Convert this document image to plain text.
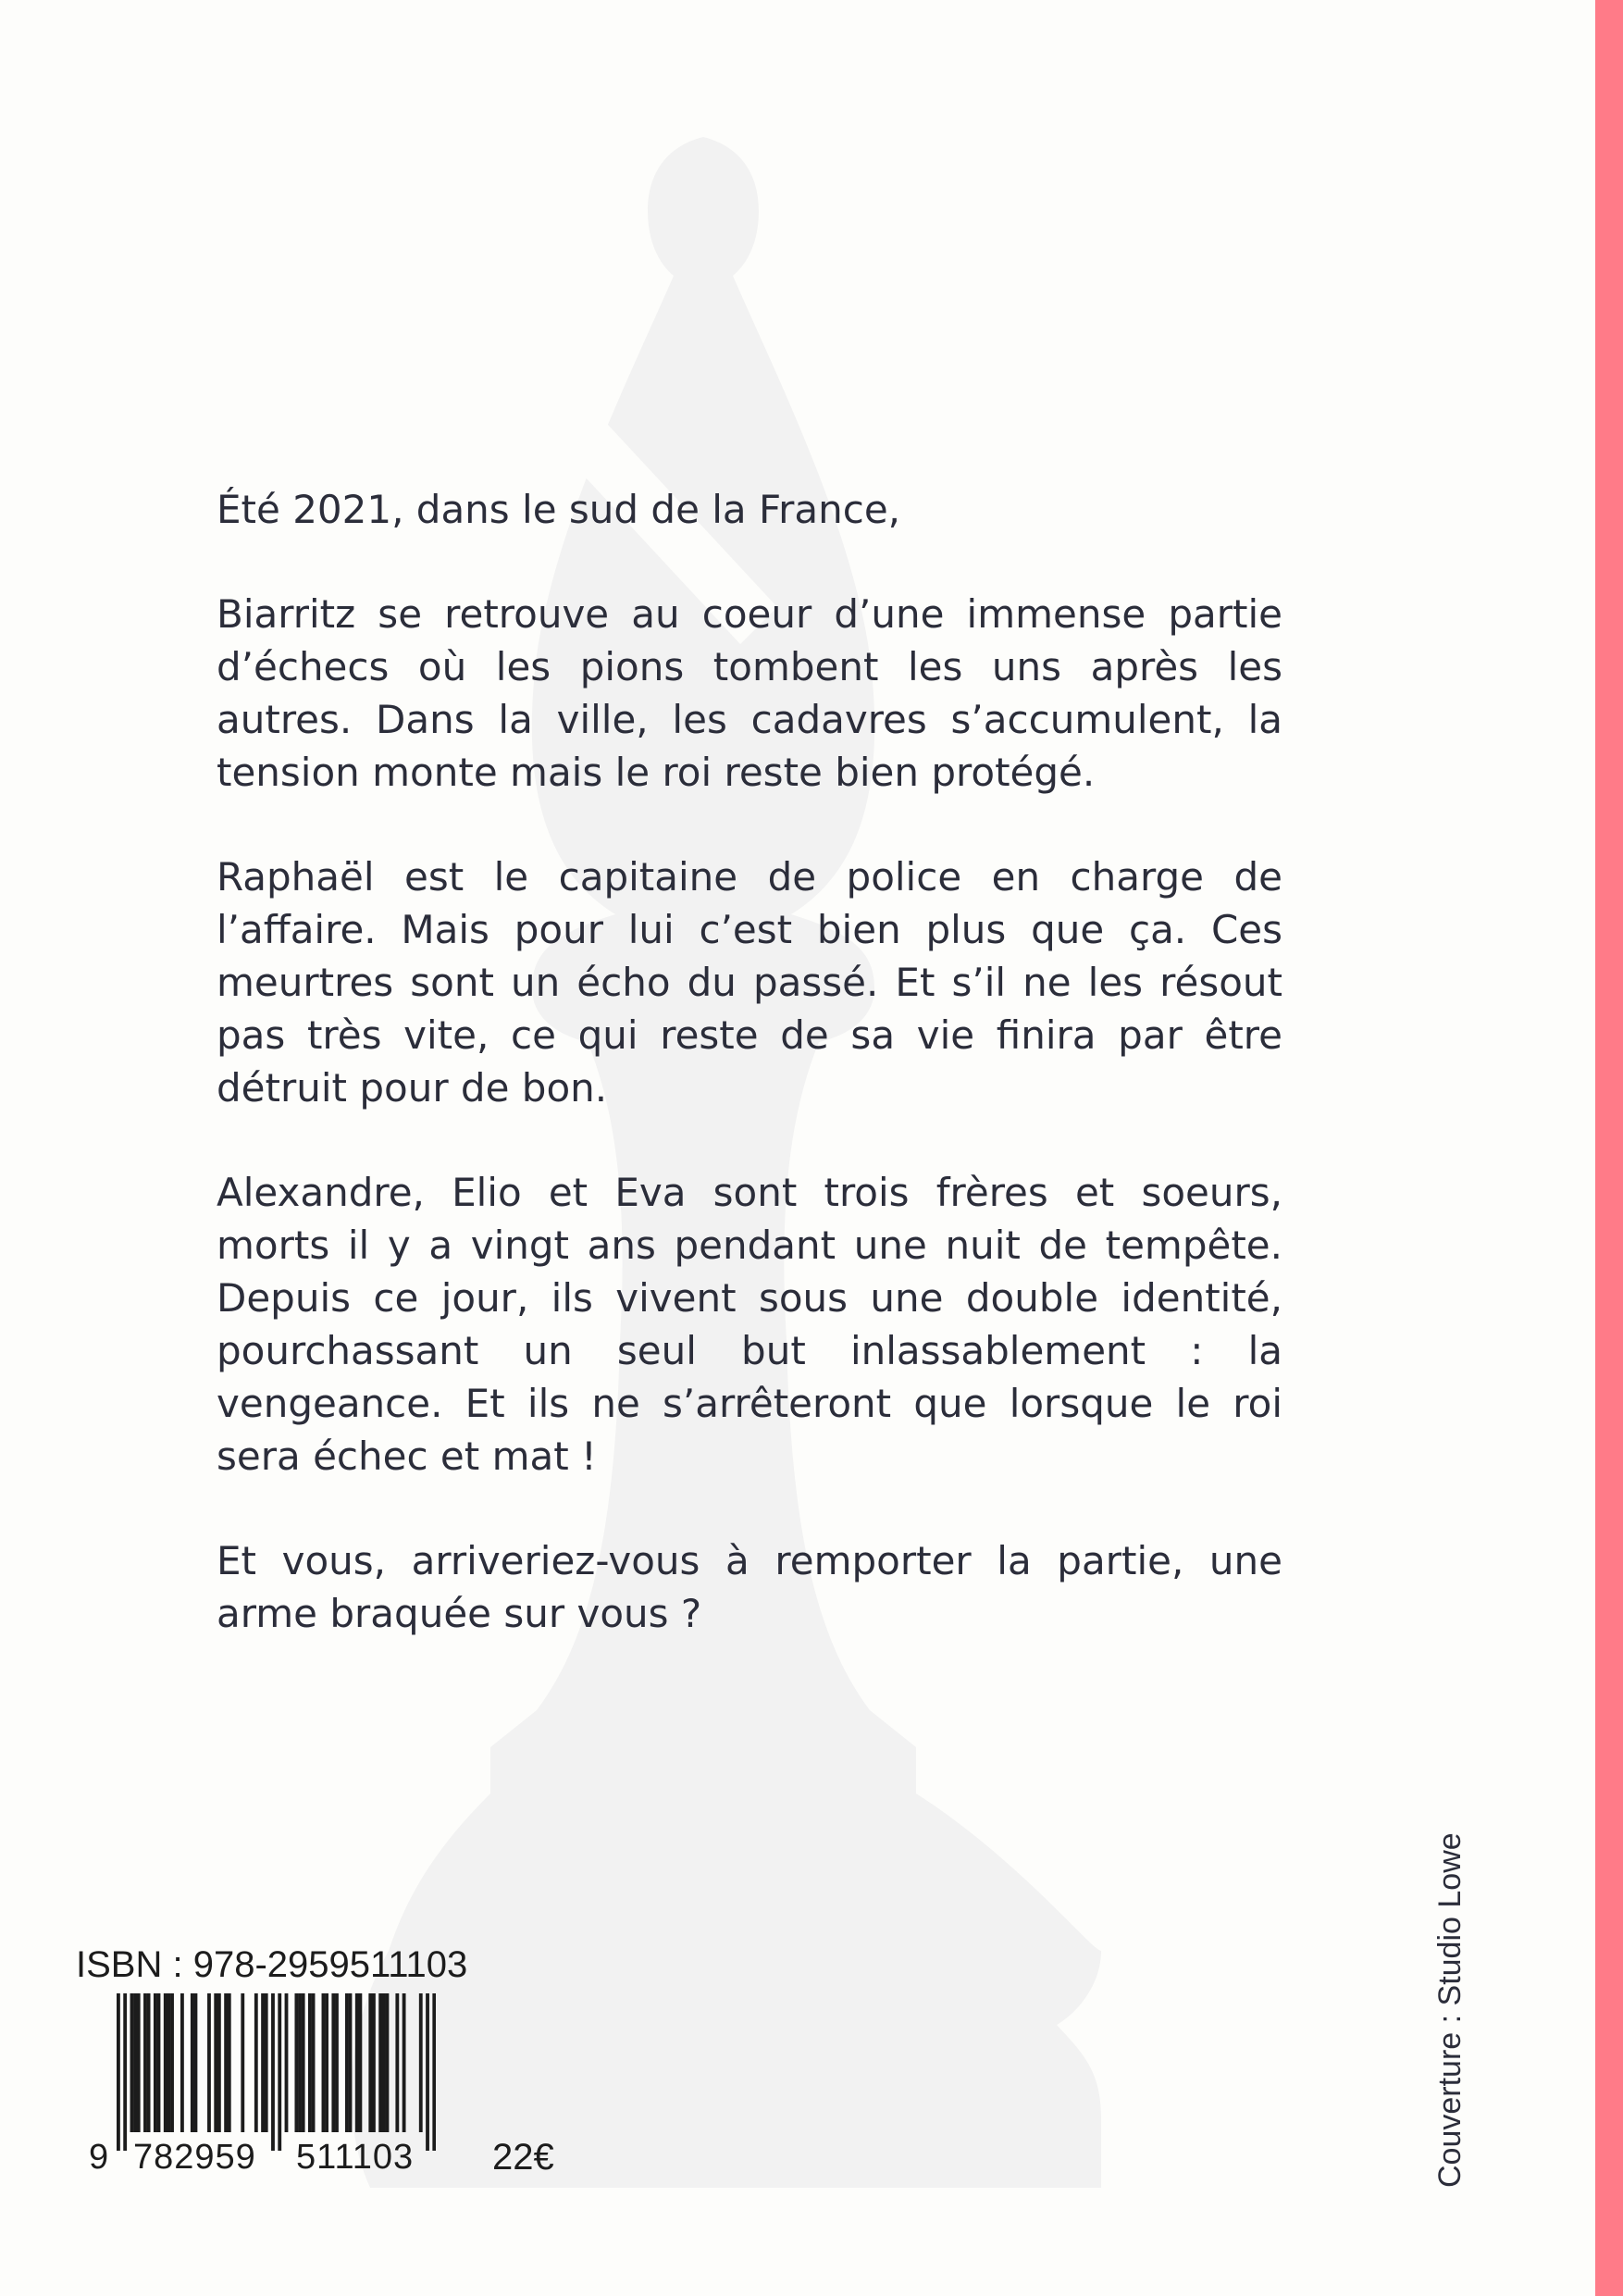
Été 2021, dans le sud de la France,

Biarritz se retrouve au coeur d’une immense partie d’échecs où les pions tombent les uns après les autres. Dans la ville, les cadavres s’accumulent, la tension monte mais le roi reste bien protégé.

Raphaël est le capitaine de police en charge de l’affaire. Mais pour lui c’est bien plus que ça. Ces meurtres sont un écho du passé. Et s’il ne les résout pas très vite, ce qui reste de sa vie finira par être détruit pour de bon.

Alexandre, Elio et Eva sont trois frères et soeurs, morts il y a vingt ans pendant une nuit de tempête. Depuis ce jour, ils vivent sous une double identité, pourchassant un seul but inlassablement : la vengeance. Et ils ne s’arrêteront que lorsque le roi sera échec et mat !

Et vous, arriveriez-vous à remporter la partie, une arme braquée sur vous ?

ISBN : 978-2959511103
9 782959 511103 22€	Couverture : Studio Lowe
